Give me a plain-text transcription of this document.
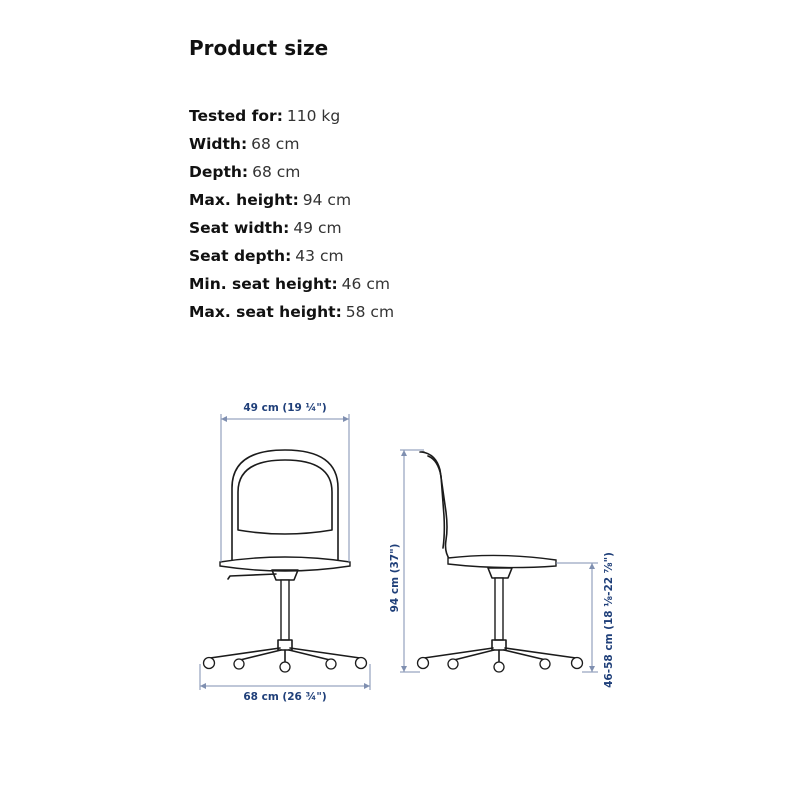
Product size
Tested for: 110 kg
Width: 68 cm
Depth: 68 cm
Max. height: 94 cm
Seat width: 49 cm
Seat depth: 43 cm
Min. seat height: 46 cm
Max. seat height: 58 cm
49 cm (19 ¼")
68 cm (26 ¾")
94 cm (37")	46-58 cm (18 ⅛-22 ⅞")
